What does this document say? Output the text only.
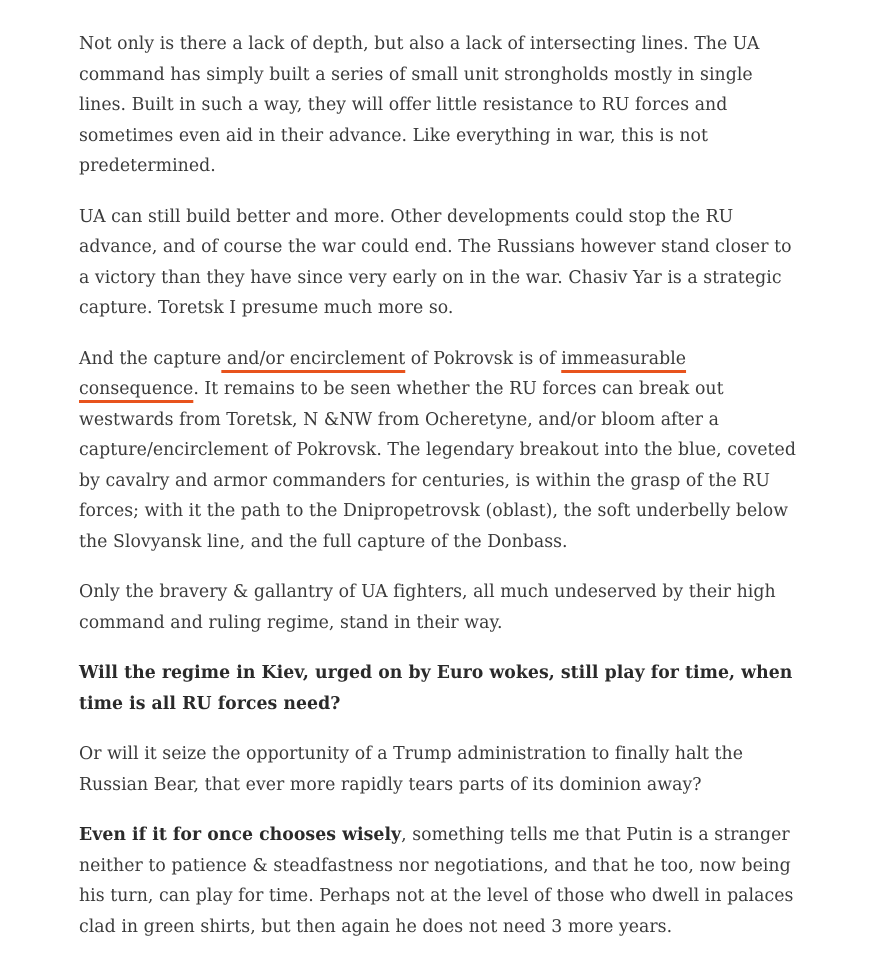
Not only is there a lack of depth, but also a lack of intersecting lines. The UA command has simply built a series of small unit strongholds mostly in single lines. Built in such a way, they will offer little resistance to RU forces and sometimes even aid in their advance. Like everything in war, this is not predetermined.

UA can still build better and more. Other developments could stop the RU advance, and of course the war could end. The Russians however stand closer to a victory than they have since very early on in the war. Chasiv Yar is a strategic capture. Toretsk I presume much more so.

And the capture and/or encirclement of Pokrovsk is of immeasurable consequence. It remains to be seen whether the RU forces can break out westwards from Toretsk, N &NW from Ocheretyne, and/or bloom after a capture/encirclement of Pokrovsk. The legendary breakout into the blue, coveted by cavalry and armor commanders for centuries, is within the grasp of the RU forces; with it the path to the Dnipropetrovsk (oblast), the soft underbelly below the Slovyansk line, and the full capture of the Donbass.

Only the bravery & gallantry of UA fighters, all much undeserved by their high command and ruling regime, stand in their way.

Will the regime in Kiev, urged on by Euro wokes, still play for time, when time is all RU forces need?

Or will it seize the opportunity of a Trump administration to finally halt the Russian Bear, that ever more rapidly tears parts of its dominion away?

Even if it for once chooses wisely, something tells me that Putin is a stranger neither to patience & steadfastness nor negotiations, and that he too, now being his turn, can play for time. Perhaps not at the level of those who dwell in palaces clad in green shirts, but then again he does not need 3 more years.
